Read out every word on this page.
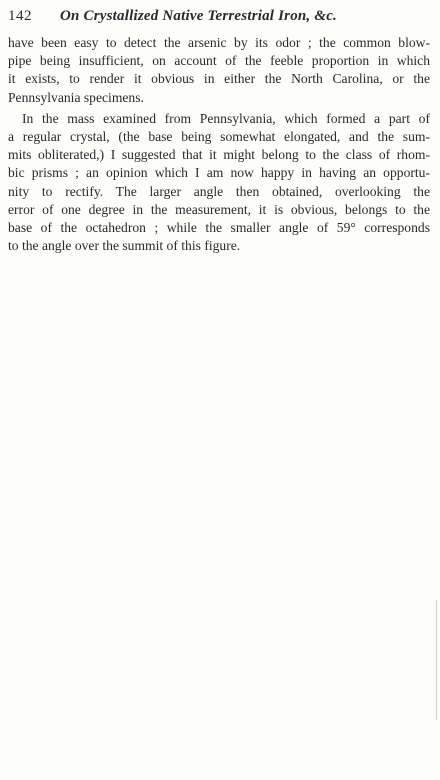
142 On Crystallized Native Terrestrial Iron, &c.
have been easy to detect the arsenic by its odor ; the common blow-
pipe being insufficient, on account of the feeble proportion in which
it exists, to render it obvious in either the North Carolina, or the
Pennsylvania specimens.
In the mass examined from Pennsylvania, which formed a part of
a regular crystal, (the base being somewhat elongated, and the sum-
mits obliterated,) I suggested that it might belong to the class of rhom-
bic prisms ; an opinion which I am now happy in having an opportu-
nity to rectify. The larger angle then obtained, overlooking the
error of one degree in the measurement, it is obvious, belongs to the
base of the octahedron ; while the smaller angle of 59° corresponds
to the angle over the summit of this figure.
